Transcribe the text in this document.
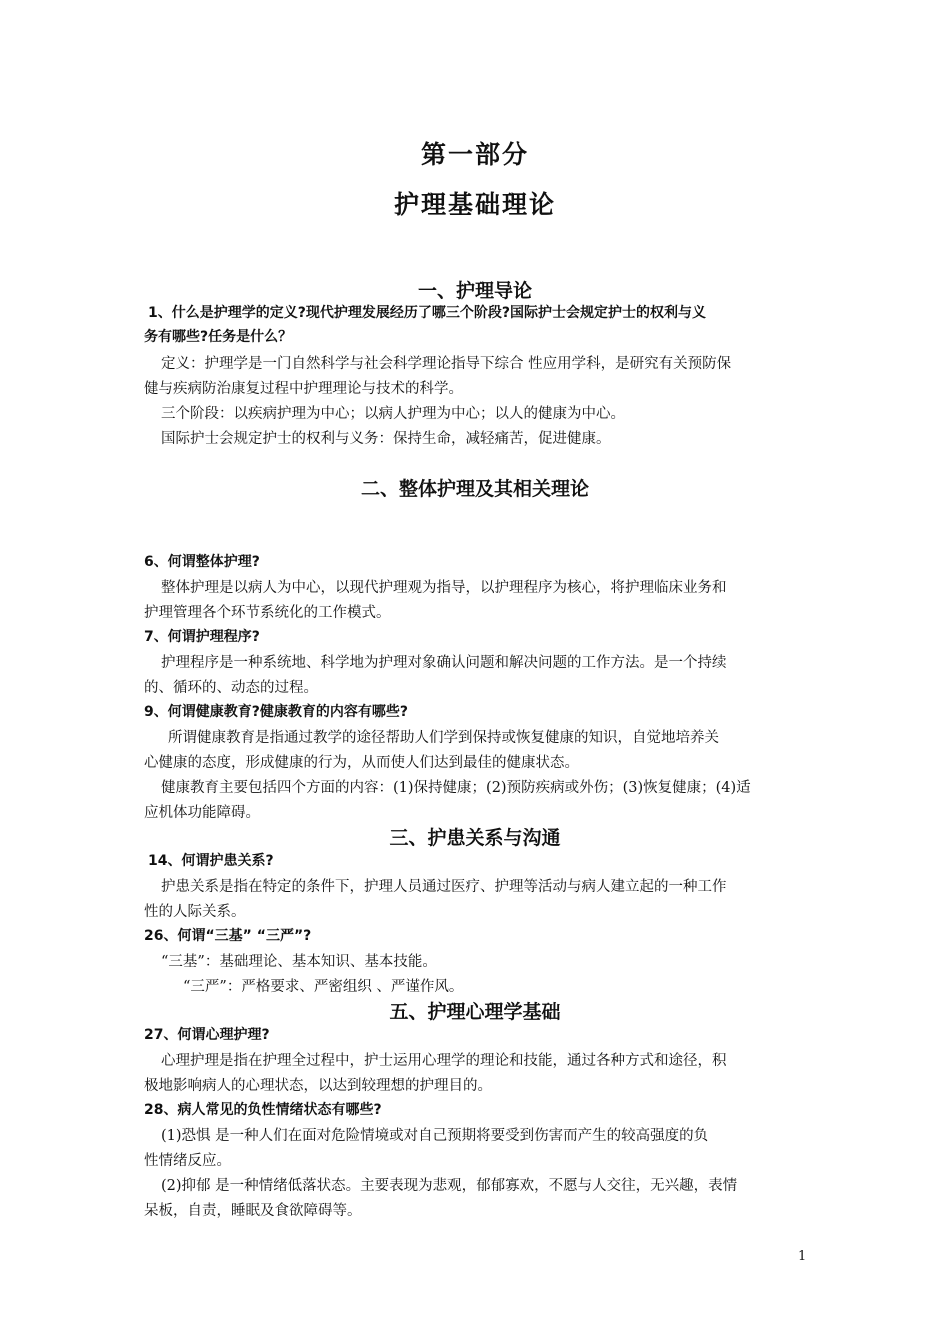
第一部分
护理基础理论
一、护理导论
1、什么是护理学的定义?现代护理发展经历了哪三个阶段?国际护士会规定护士的权利与义
务有哪些?任务是什么？
定义：护理学是一门自然科学与社会科学理论指导下综合 性应用学科，是研究有关预防保
健与疾病防治康复过程中护理理论与技术的科学。
三个阶段：以疾病护理为中心；以病人护理为中心；以人的健康为中心。
国际护士会规定护士的权利与义务：保持生命，减轻痛苦，促进健康。
二、整体护理及其相关理论
6、何谓整体护理?
整体护理是以病人为中心，以现代护理观为指导，以护理程序为核心，将护理临床业务和
护理管理各个环节系统化的工作模式。
7、何谓护理程序?
护理程序是一种系统地、科学地为护理对象确认问题和解决问题的工作方法。是一个持续
的、循环的、动态的过程。
9、何谓健康教育?健康教育的内容有哪些?
所谓健康教育是指通过教学的途径帮助人们学到保持或恢复健康的知识，自觉地培养关
心健康的态度，形成健康的行为，从而使人们达到最佳的健康状态。
健康教育主要包括四个方面的内容：(1)保持健康；(2)预防疾病或外伤；(3)恢复健康；(4)适
应机体功能障碍。
三、护患关系与沟通
14、何谓护患关系?
护患关系是指在特定的条件下，护理人员通过医疗、护理等活动与病人建立起的一种工作
性的人际关系。
26、何谓“三基” “三严”?
“三基”：基础理论、基本知识、基本技能。
“三严”：严格要求、严密组织 、严谨作风。
五、护理心理学基础
27、何谓心理护理?
心理护理是指在护理全过程中，护士运用心理学的理论和技能，通过各种方式和途径，积
极地影响病人的心理状态，以达到较理想的护理目的。
28、病人常见的负性情绪状态有哪些?
(1)恐惧 是一种人们在面对危险情境或对自己预期将要受到伤害而产生的较高强度的负
性情绪反应。
(2)抑郁 是一种情绪低落状态。主要表现为悲观，郁郁寡欢，不愿与人交往，无兴趣，表情
呆板，自责，睡眠及食欲障碍等。
1
